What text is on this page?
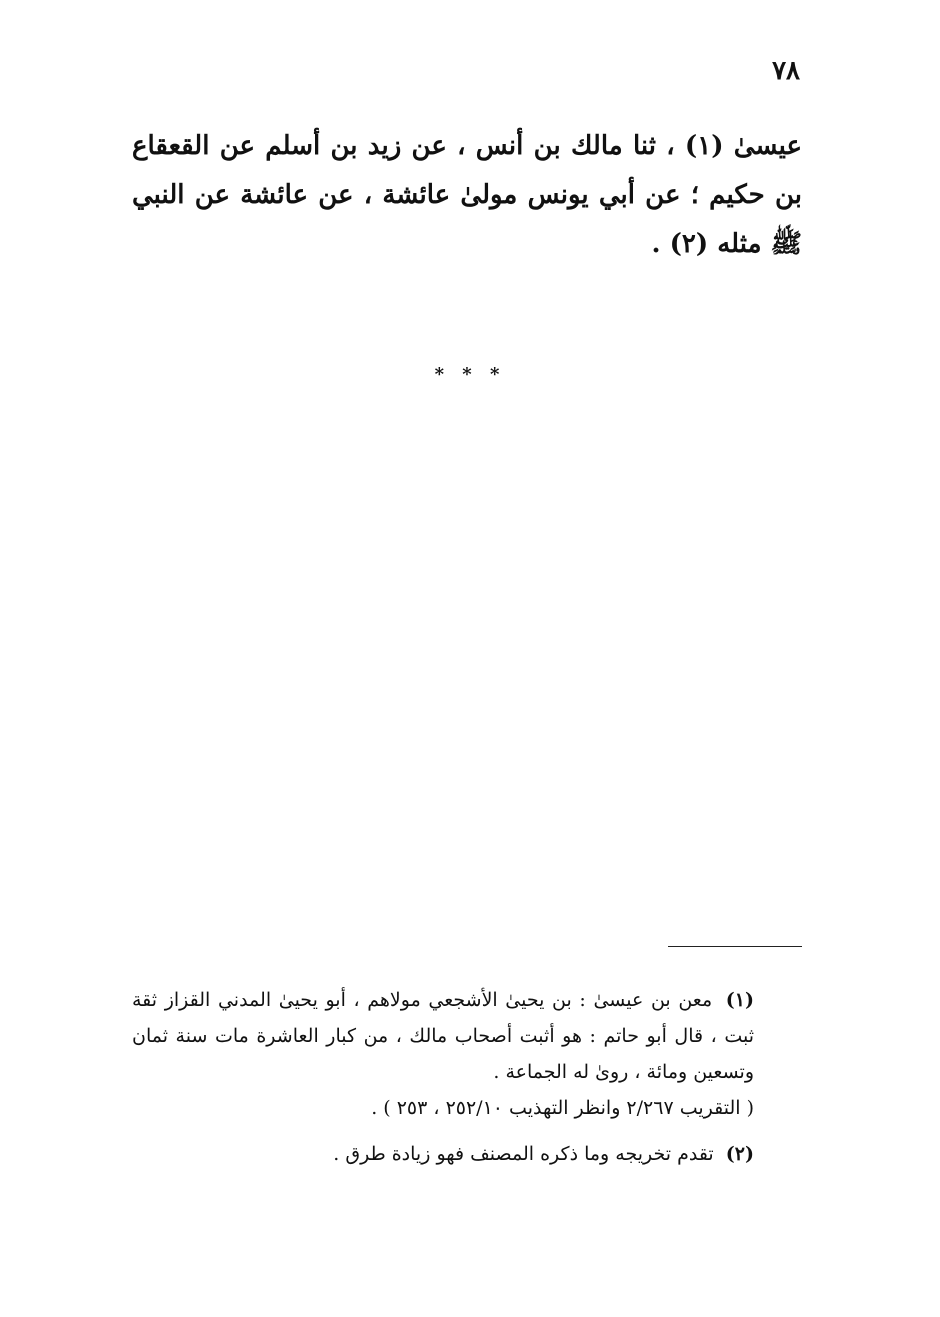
٧٨

عيسىٰ (١) ، ثنا مالك بن أنس ، عن زيد بن أسلم عن القعقاع بن حكيم ؛ عن أبي يونس مولىٰ عائشة ، عن عائشة عن النبي ﷺ مثله (٢) .

* * *

(١) معن بن عيسىٰ : بن يحيىٰ الأشجعي مولاهم ، أبو يحيىٰ المدني القزاز ثقة ثبت ، قال أبو حاتم : هو أثبت أصحاب مالك ، من كبار العاشرة مات سنة ثمان وتسعين ومائة ، روىٰ له الجماعة .

( التقريب ٢/٢٦٧ وانظر التهذيب ٢٥٢/١٠ ، ٢٥٣ ) .

(٢) تقدم تخريجه وما ذكره المصنف فهو زيادة طرق .
